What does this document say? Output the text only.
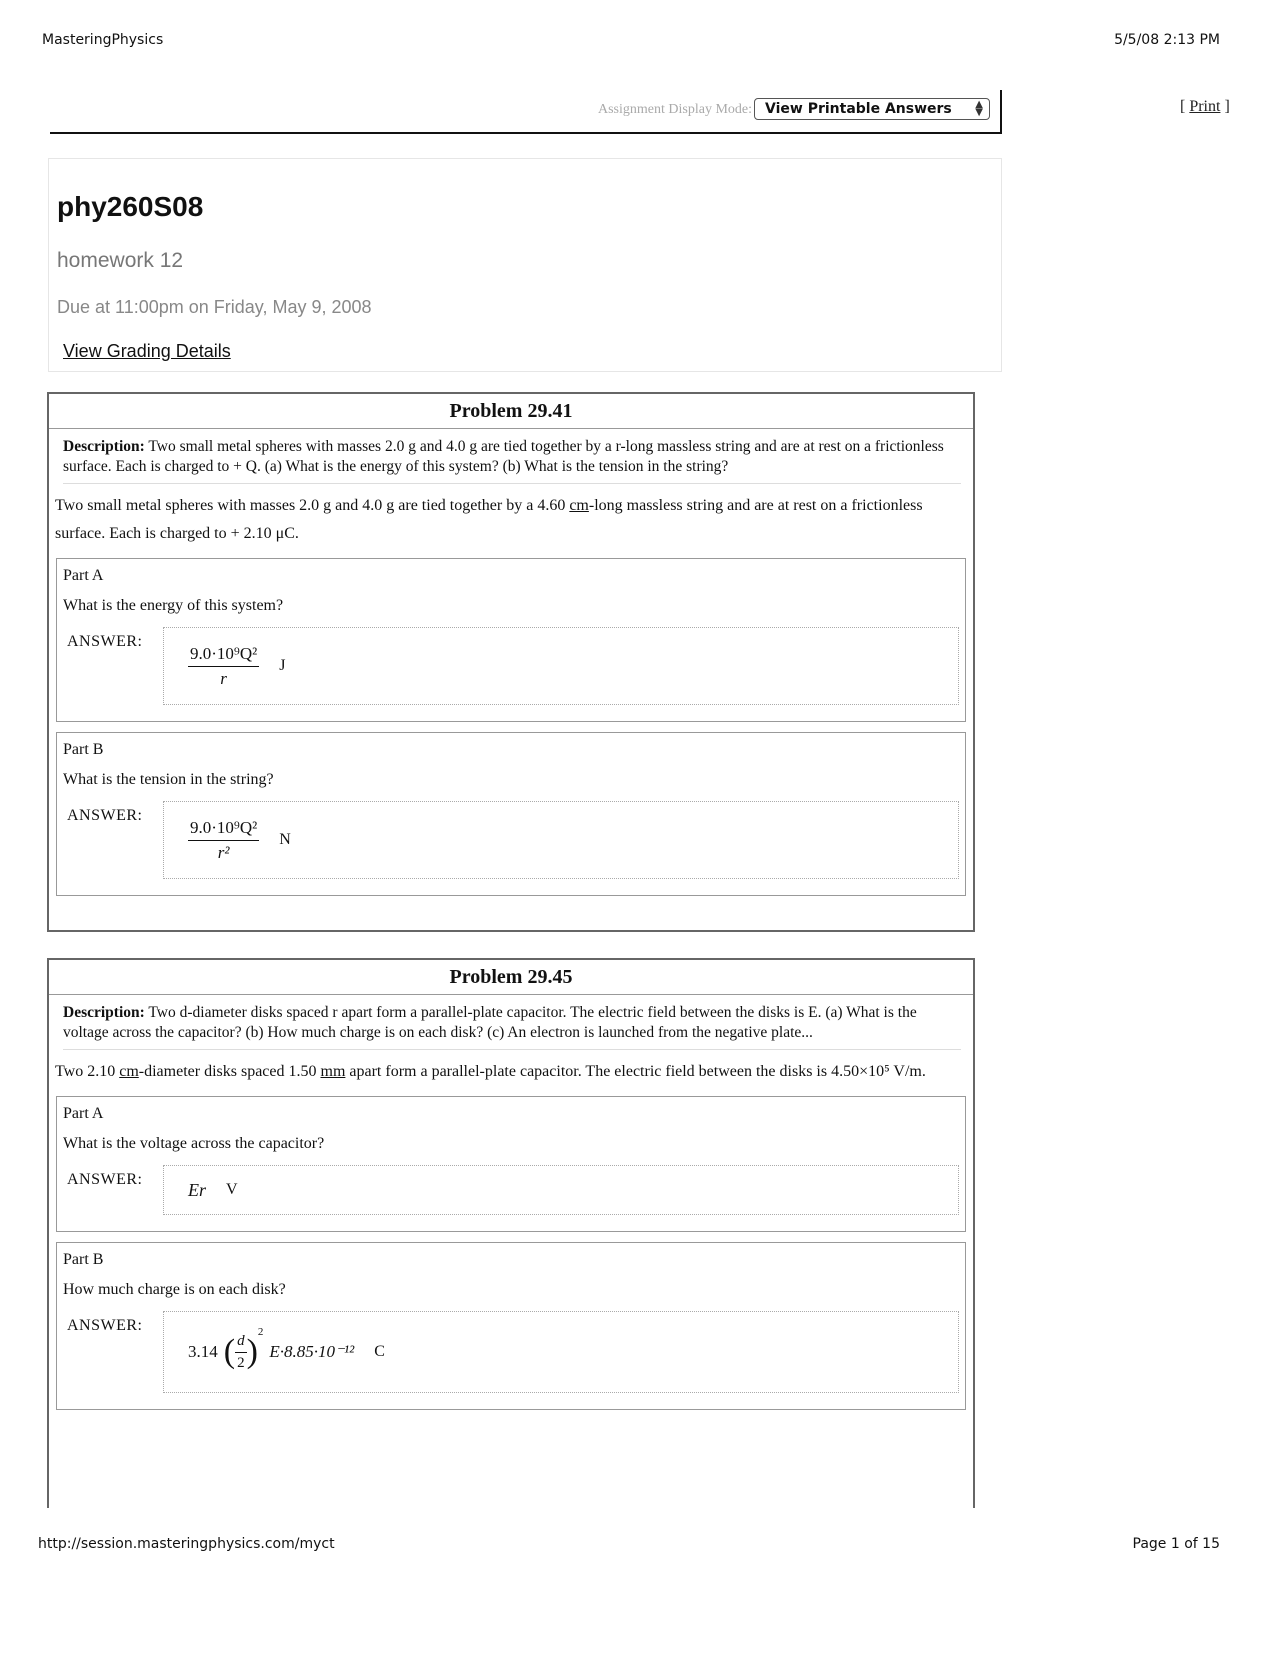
MasteringPhysics	5/5/08 2:13 PM
Assignment Display Mode: View Printable Answers ▲
▼	[ Print ]
phy260S08
homework 12
Due at 11:00pm on Friday, May 9, 2008
View Grading Details
Problem 29.41
Description: Two small metal spheres with masses 2.0 g and 4.0 g are tied together by a r-long massless string and are at rest on a frictionless surface. Each is charged to + Q. (a) What is the energy of this system? (b) What is the tension in the string?
Two small metal spheres with masses 2.0 g and 4.0 g are tied together by a 4.60 cm-long massless string and are at rest on a frictionless surface. Each is charged to + 2.10 μC.
Part A
What is the energy of this system?
ANSWER:
$\frac{\text{9.0·10⁹Q²}}{r}$ J
Part B
What is the tension in the string?
ANSWER:
$\frac{\text{9.0·10⁹Q²}}{\text{r²}}$ N
Problem 29.45
Description: Two d-diameter disks spaced r apart form a parallel-plate capacitor. The electric field between the disks is E. (a) What is the voltage across the capacitor? (b) How much charge is on each disk? (c) An electron is launched from the negative plate...
Two 2.10 cm-diameter disks spaced 1.50 mm apart form a parallel-plate capacitor. The electric field between the disks is 4.50×10⁵ V/m.
Part A
What is the voltage across the capacitor?
ANSWER:	Er V
Part B
How much charge is on each disk?
ANSWER:
3.14 ( $\frac{d}{2}$ )
$^2$
E·8.85·10⁻¹² C
http://session.masteringphysics.com/myct	Page 1 of 15
